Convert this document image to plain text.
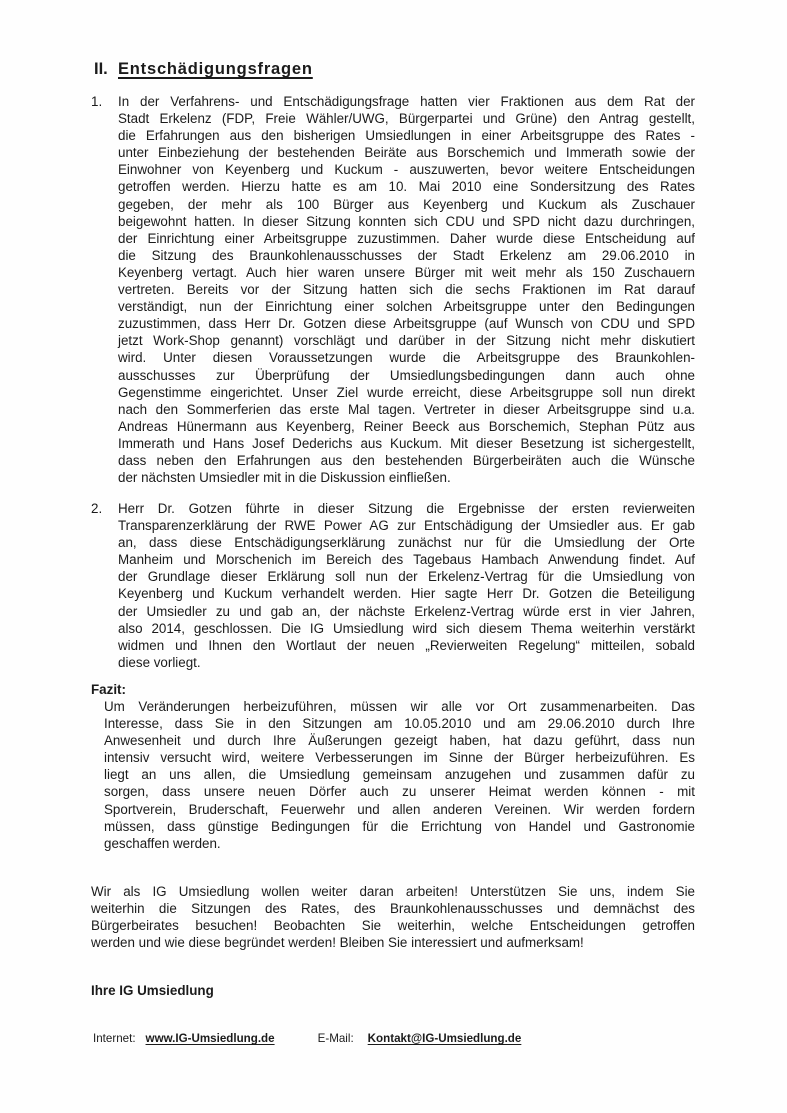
II. Entschädigungsfragen
1. In der Verfahrens- und Entschädigungsfrage hatten vier Fraktionen aus dem Rat der
Stadt Erkelenz (FDP, Freie Wähler/UWG, Bürgerpartei und Grüne) den Antrag gestellt,
die Erfahrungen aus den bisherigen Umsiedlungen in einer Arbeitsgruppe des Rates -
unter Einbeziehung der bestehenden Beiräte aus Borschemich und Immerath sowie der
Einwohner von Keyenberg und Kuckum - auszuwerten, bevor weitere Entscheidungen
getroffen werden. Hierzu hatte es am 10. Mai 2010 eine Sondersitzung des Rates
gegeben, der mehr als 100 Bürger aus Keyenberg und Kuckum als Zuschauer
beigewohnt hatten. In dieser Sitzung konnten sich CDU und SPD nicht dazu durchringen,
der Einrichtung einer Arbeitsgruppe zuzustimmen. Daher wurde diese Entscheidung auf
die Sitzung des Braunkohlenausschusses der Stadt Erkelenz am 29.06.2010 in
Keyenberg vertagt. Auch hier waren unsere Bürger mit weit mehr als 150 Zuschauern
vertreten. Bereits vor der Sitzung hatten sich die sechs Fraktionen im Rat darauf
verständigt, nun der Einrichtung einer solchen Arbeitsgruppe unter den Bedingungen
zuzustimmen, dass Herr Dr. Gotzen diese Arbeitsgruppe (auf Wunsch von CDU und SPD
jetzt Work-Shop genannt) vorschlägt und darüber in der Sitzung nicht mehr diskutiert
wird. Unter diesen Voraussetzungen wurde die Arbeitsgruppe des Braunkohlen-
ausschusses zur Überprüfung der Umsiedlungsbedingungen dann auch ohne
Gegenstimme eingerichtet. Unser Ziel wurde erreicht, diese Arbeitsgruppe soll nun direkt
nach den Sommerferien das erste Mal tagen. Vertreter in dieser Arbeitsgruppe sind u.a.
Andreas Hünermann aus Keyenberg, Reiner Beeck aus Borschemich, Stephan Pütz aus
Immerath und Hans Josef Dederichs aus Kuckum. Mit dieser Besetzung ist sichergestellt,
dass neben den Erfahrungen aus den bestehenden Bürgerbeiräten auch die Wünsche
der nächsten Umsiedler mit in die Diskussion einfließen.
2. Herr Dr. Gotzen führte in dieser Sitzung die Ergebnisse der ersten revierweiten
Transparenzerklärung der RWE Power AG zur Entschädigung der Umsiedler aus. Er gab
an, dass diese Entschädigungserklärung zunächst nur für die Umsiedlung der Orte
Manheim und Morschenich im Bereich des Tagebaus Hambach Anwendung findet. Auf
der Grundlage dieser Erklärung soll nun der Erkelenz-Vertrag für die Umsiedlung von
Keyenberg und Kuckum verhandelt werden. Hier sagte Herr Dr. Gotzen die Beteiligung
der Umsiedler zu und gab an, der nächste Erkelenz-Vertrag würde erst in vier Jahren,
also 2014, geschlossen. Die IG Umsiedlung wird sich diesem Thema weiterhin verstärkt
widmen und Ihnen den Wortlaut der neuen „Revierweiten Regelung“ mitteilen, sobald
diese vorliegt.
Fazit:
Um Veränderungen herbeizuführen, müssen wir alle vor Ort zusammenarbeiten. Das
Interesse, dass Sie in den Sitzungen am 10.05.2010 und am 29.06.2010 durch Ihre
Anwesenheit und durch Ihre Äußerungen gezeigt haben, hat dazu geführt, dass nun
intensiv versucht wird, weitere Verbesserungen im Sinne der Bürger herbeizuführen. Es
liegt an uns allen, die Umsiedlung gemeinsam anzugehen und zusammen dafür zu
sorgen, dass unsere neuen Dörfer auch zu unserer Heimat werden können - mit
Sportverein, Bruderschaft, Feuerwehr und allen anderen Vereinen. Wir werden fordern
müssen, dass günstige Bedingungen für die Errichtung von Handel und Gastronomie
geschaffen werden.
Wir als IG Umsiedlung wollen weiter daran arbeiten! Unterstützen Sie uns, indem Sie
weiterhin die Sitzungen des Rates, des Braunkohlenausschusses und demnächst des
Bürgerbeirates besuchen! Beobachten Sie weiterhin, welche Entscheidungen getroffen
werden und wie diese begründet werden! Bleiben Sie interessiert und aufmerksam!
Ihre IG Umsiedlung
Internet: www.IG-Umsiedlung.de	E-Mail: Kontakt@IG-Umsiedlung.de
